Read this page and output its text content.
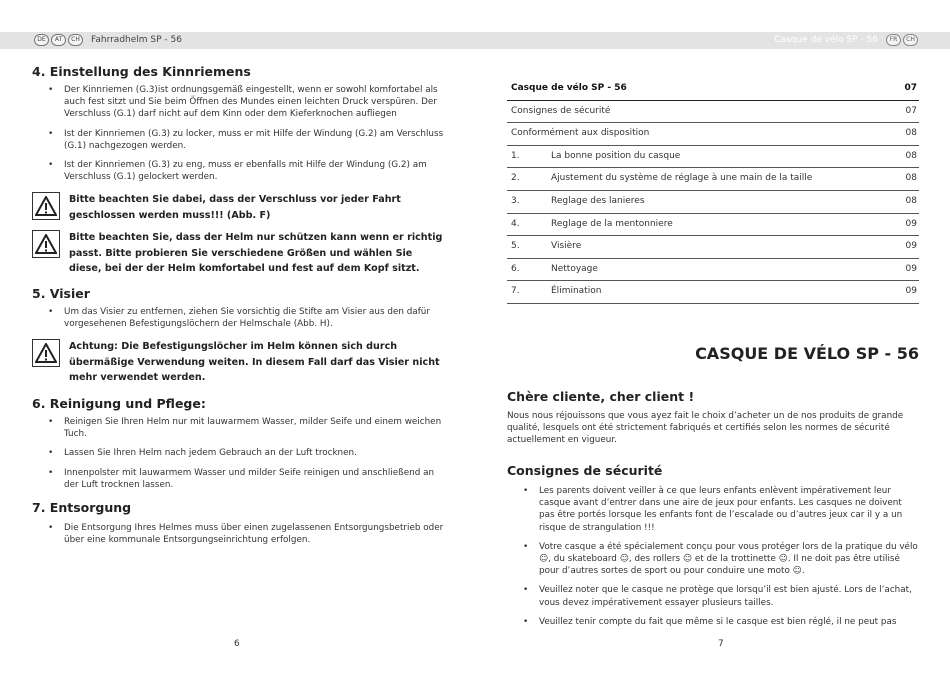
DE	AT	CH	Fahrradhelm SP - 56	Casque de vélo SP - 56	FR	CH
4. Einstellung des Kinnriemens
• Der Kinnriemen (G.3)ist ordnungsgemäß eingestellt, wenn er sowohl komfortabel als auch fest sitzt und Sie beim Öffnen des Mundes einen leichten Druck verspüren. Der Verschluss (G.1) darf nicht auf dem Kinn oder dem Kieferknochen aufliegen
• Ist der Kinnriemen (G.3) zu locker, muss er mit Hilfe der Windung (G.2) am Verschluss (G.1) nachgezogen werden.
• Ist der Kinnriemen (G.3) zu eng, muss er ebenfalls mit Hilfe der Windung (G.2) am Verschluss (G.1) gelockert werden.
Bitte beachten Sie dabei, dass der Verschluss vor jeder Fahrt geschlossen werden muss!!! (Abb. F)
Bitte beachten Sie, dass der Helm nur schützen kann wenn er richtig passt. Bitte probieren Sie verschiedene Größen und wählen Sie diese, bei der der Helm komfortabel und fest auf dem Kopf sitzt.
5. Visier
• Um das Visier zu entfernen, ziehen Sie vorsichtig die Stifte am Visier aus den dafür vorgesehenen Befestigungslöchern der Helmschale (Abb. H).
Achtung: Die Befestigungslöcher im Helm können sich durch übermäßige Verwendung weiten. In diesem Fall darf das Visier nicht mehr verwendet werden.
6. Reinigung und Pflege:
• Reinigen Sie Ihren Helm nur mit lauwarmem Wasser, milder Seife und einem weichen Tuch.
• Lassen Sie Ihren Helm nach jedem Gebrauch an der Luft trocknen.
• Innenpolster mit lauwarmem Wasser und milder Seife reinigen und anschließend an der Luft trocknen lassen.
7. Entsorgung
• Die Entsorgung Ihres Helmes muss über einen zugelassenen Entsorgungsbetrieb oder über eine kommunale Entsorgungseinrichtung erfolgen.
6
Casque de vélo SP - 56	07
Consignes de sécurité	07
Conformément aux disposition	08
1.	La bonne position du casque	08
2.	Ajustement du système de réglage à une main de la taille	08
3.	Reglage des lanieres	08
4.	Reglage de la mentonniere	09
5.	Visière	09
6.	Nettoyage	09
7.	Élimination	09
CASQUE DE VÉLO SP - 56
Chère cliente, cher client !
Nous nous réjouissons que vous ayez fait le choix d’acheter un de nos produits de grande qualité, lesquels ont été strictement fabriqués et certifiés selon les normes de sécurité actuellement en vigueur.
Consignes de sécurité
• Les parents doivent veiller à ce que leurs enfants enlèvent impérativement leur casque avant d’entrer dans une aire de jeux pour enfants. Les casques ne doivent pas être portés lorsque les enfants font de l’escalade ou d’autres jeux car il y a un risque de strangulation !!!
• Votre casque a été spécialement conçu pour vous protéger lors de la pratique du vélo ☺, du skateboard ☺, des rollers ☺ et de la trottinette ☺. Il ne doit pas être utilisé pour d’autres sortes de sport ou pour conduire une moto ☺.
• Veuillez noter que le casque ne protège que lorsqu’il est bien ajusté. Lors de l’achat, vous devez impérativement essayer plusieurs tailles.
• Veuillez tenir compte du fait que même si le casque est bien réglé, il ne peut pas
7
